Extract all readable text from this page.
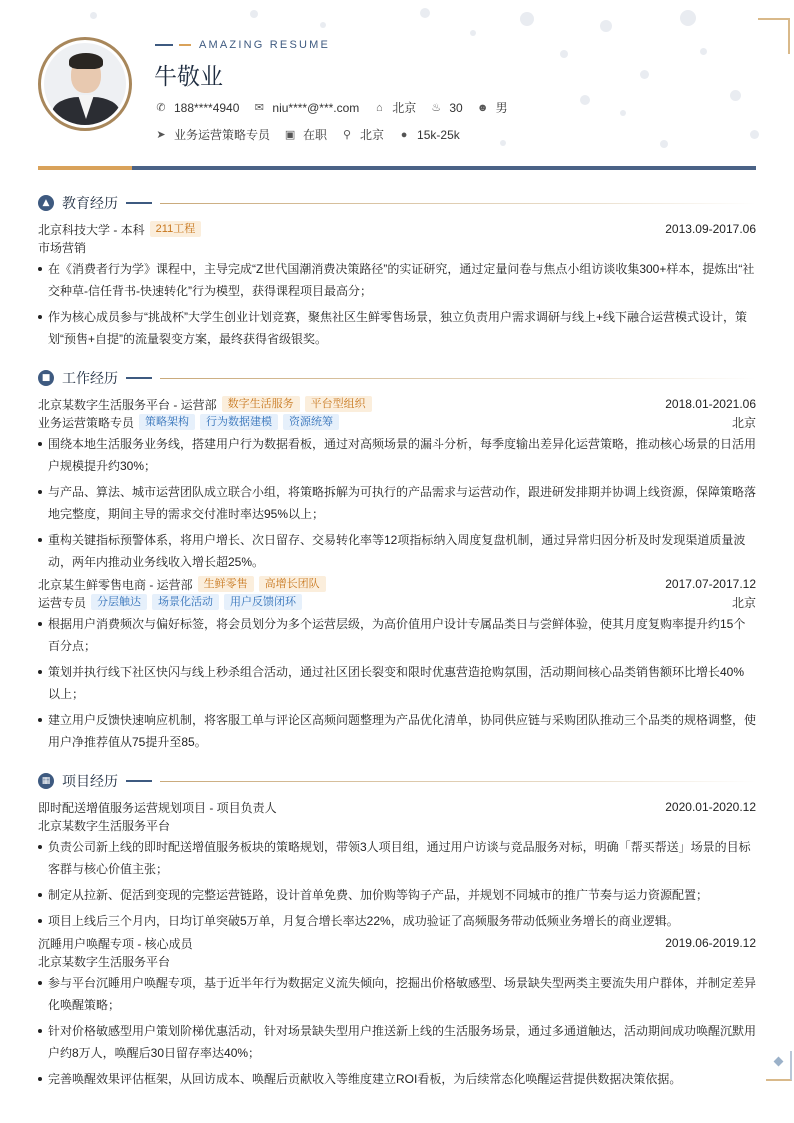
AMAZING RESUME
牛敬业
✆ 188****4940 ✉ niu****@***.com ⌂ 北京 ♨ 30 ☻ 男
➤ 业务运营策略专员 ▣ 在职 ⚲ 北京 ● 15k-25k
▲ 教育经历
北京科技大学 - 本科	211工程	2013.09-2017.06
市场营销
在《消费者行为学》课程中，主导完成“Z世代国潮消费决策路径”的实证研究，通过定量问卷与焦点小组访谈收集300+样本，提炼出“社交种草-信任背书-快速转化”行为模型，获得课程项目最高分；
作为核心成员参与“挑战杯”大学生创业计划竞赛，聚焦社区生鲜零售场景，独立负责用户需求调研与线上+线下融合运营模式设计，策划“预售+自提”的流量裂变方案，最终获得省级银奖。
■ 工作经历
北京某数字生活服务平台 - 运营部	数字生活服务	平台型组织	2018.01-2021.06
业务运营策略专员	策略架构	行为数据建模	资源统筹	北京
围绕本地生活服务业务线，搭建用户行为数据看板，通过对高频场景的漏斗分析，每季度输出差异化运营策略，推动核心场景的日活用户规模提升约30%；
与产品、算法、城市运营团队成立联合小组，将策略拆解为可执行的产品需求与运营动作，跟进研发排期并协调上线资源，保障策略落地完整度，期间主导的需求交付准时率达95%以上；
重构关键指标预警体系，将用户增长、次日留存、交易转化率等12项指标纳入周度复盘机制，通过异常归因分析及时发现渠道质量波动，两年内推动业务线收入增长超25%。
北京某生鲜零售电商 - 运营部	生鲜零售	高增长团队	2017.07-2017.12
运营专员	分层触达	场景化活动	用户反馈闭环	北京
根据用户消费频次与偏好标签，将会员划分为多个运营层级，为高价值用户设计专属品类日与尝鲜体验，使其月度复购率提升约15个百分点；
策划并执行线下社区快闪与线上秒杀组合活动，通过社区团长裂变和限时优惠营造抢购氛围，活动期间核心品类销售额环比增长40%以上；
建立用户反馈快速响应机制，将客服工单与评论区高频问题整理为产品优化清单，协同供应链与采购团队推动三个品类的规格调整，使用户净推荐值从75提升至85。
▦ 项目经历
即时配送增值服务运营规划项目 - 项目负责人	2020.01-2020.12
北京某数字生活服务平台
负责公司新上线的即时配送增值服务板块的策略规划，带领3人项目组，通过用户访谈与竞品服务对标，明确「帮买帮送」场景的目标客群与核心价值主张；
制定从拉新、促活到变现的完整运营链路，设计首单免费、加价购等钩子产品，并规划不同城市的推广节奏与运力资源配置；
项目上线后三个月内，日均订单突破5万单，月复合增长率达22%，成功验证了高频服务带动低频业务增长的商业逻辑。
沉睡用户唤醒专项 - 核心成员	2019.06-2019.12
北京某数字生活服务平台
参与平台沉睡用户唤醒专项，基于近半年行为数据定义流失倾向，挖掘出价格敏感型、场景缺失型两类主要流失用户群体，并制定差异化唤醒策略；
针对价格敏感型用户策划阶梯优惠活动，针对场景缺失型用户推送新上线的生活服务场景，通过多通道触达，活动期间成功唤醒沉默用户约8万人，唤醒后30日留存率达40%；
完善唤醒效果评估框架，从回访成本、唤醒后贡献收入等维度建立ROI看板，为后续常态化唤醒运营提供数据决策依据。
